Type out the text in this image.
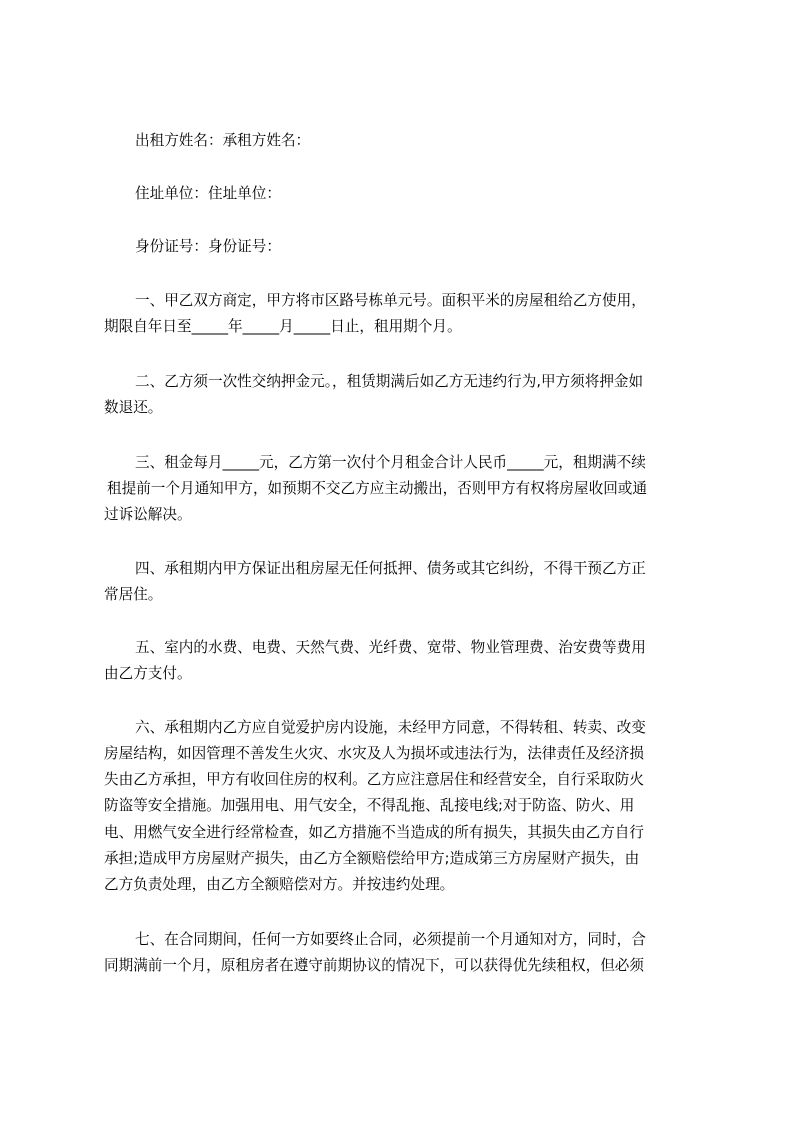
出租方姓名：承租方姓名：
住址单位：住址单位：
身份证号：身份证号：
一、甲乙双方商定，甲方将市区路号栋单元号。面积平米的房屋租给乙方使用，
期限自年日至_____年_____月_____日止，租用期个月。
二、乙方须一次性交纳押金元。，租赁期满后如乙方无违约行为,甲方须将押金如
数退还。
三、租金每月_____元，乙方第一次付个月租金合计人民币_____元，租期满不续
租提前一个月通知甲方，如预期不交乙方应主动搬出，否则甲方有权将房屋收回或通
过诉讼解决。
四、承租期内甲方保证出租房屋无任何抵押、债务或其它纠纷，不得干预乙方正
常居住。
五、室内的水费、电费、天然气费、光纤费、宽带、物业管理费、治安费等费用
由乙方支付。
六、承租期内乙方应自觉爱护房内设施，未经甲方同意，不得转租、转卖、改变
房屋结构，如因管理不善发生火灾、水灾及人为损坏或违法行为，法律责任及经济损
失由乙方承担，甲方有收回住房的权利。乙方应注意居住和经营安全，自行采取防火
防盗等安全措施。加强用电、用气安全，不得乱拖、乱接电线;对于防盗、防火、用
电、用燃气安全进行经常检查，如乙方措施不当造成的所有损失，其损失由乙方自行
承担;造成甲方房屋财产损失，由乙方全额赔偿给甲方;造成第三方房屋财产损失，由
乙方负责处理，由乙方全额赔偿对方。并按违约处理。
七、在合同期间，任何一方如要终止合同，必须提前一个月通知对方，同时，合
同期满前一个月，原租房者在遵守前期协议的情况下，可以获得优先续租权，但必须
